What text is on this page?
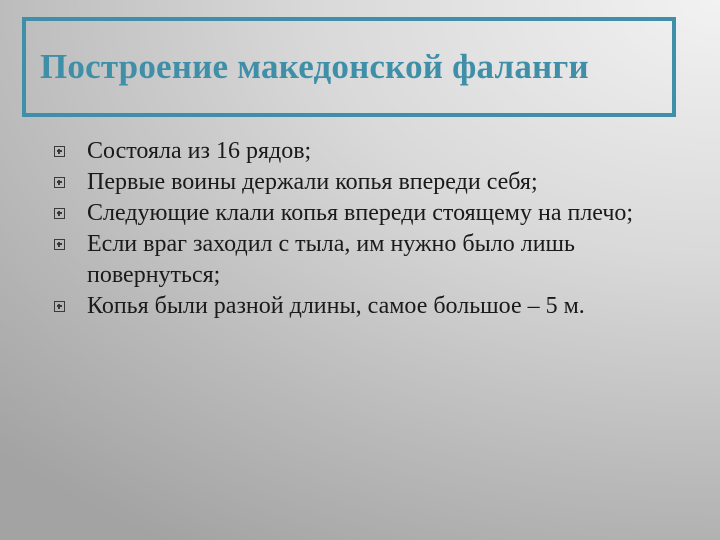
Построение македонской фаланги
Состояла из 16 рядов;
Первые воины держали копья впереди себя;
Следующие клали копья впереди стоящему на плечо;
Если враг заходил с тыла, им нужно было лишь повернуться;
Копья были разной длины, самое большое – 5 м.
